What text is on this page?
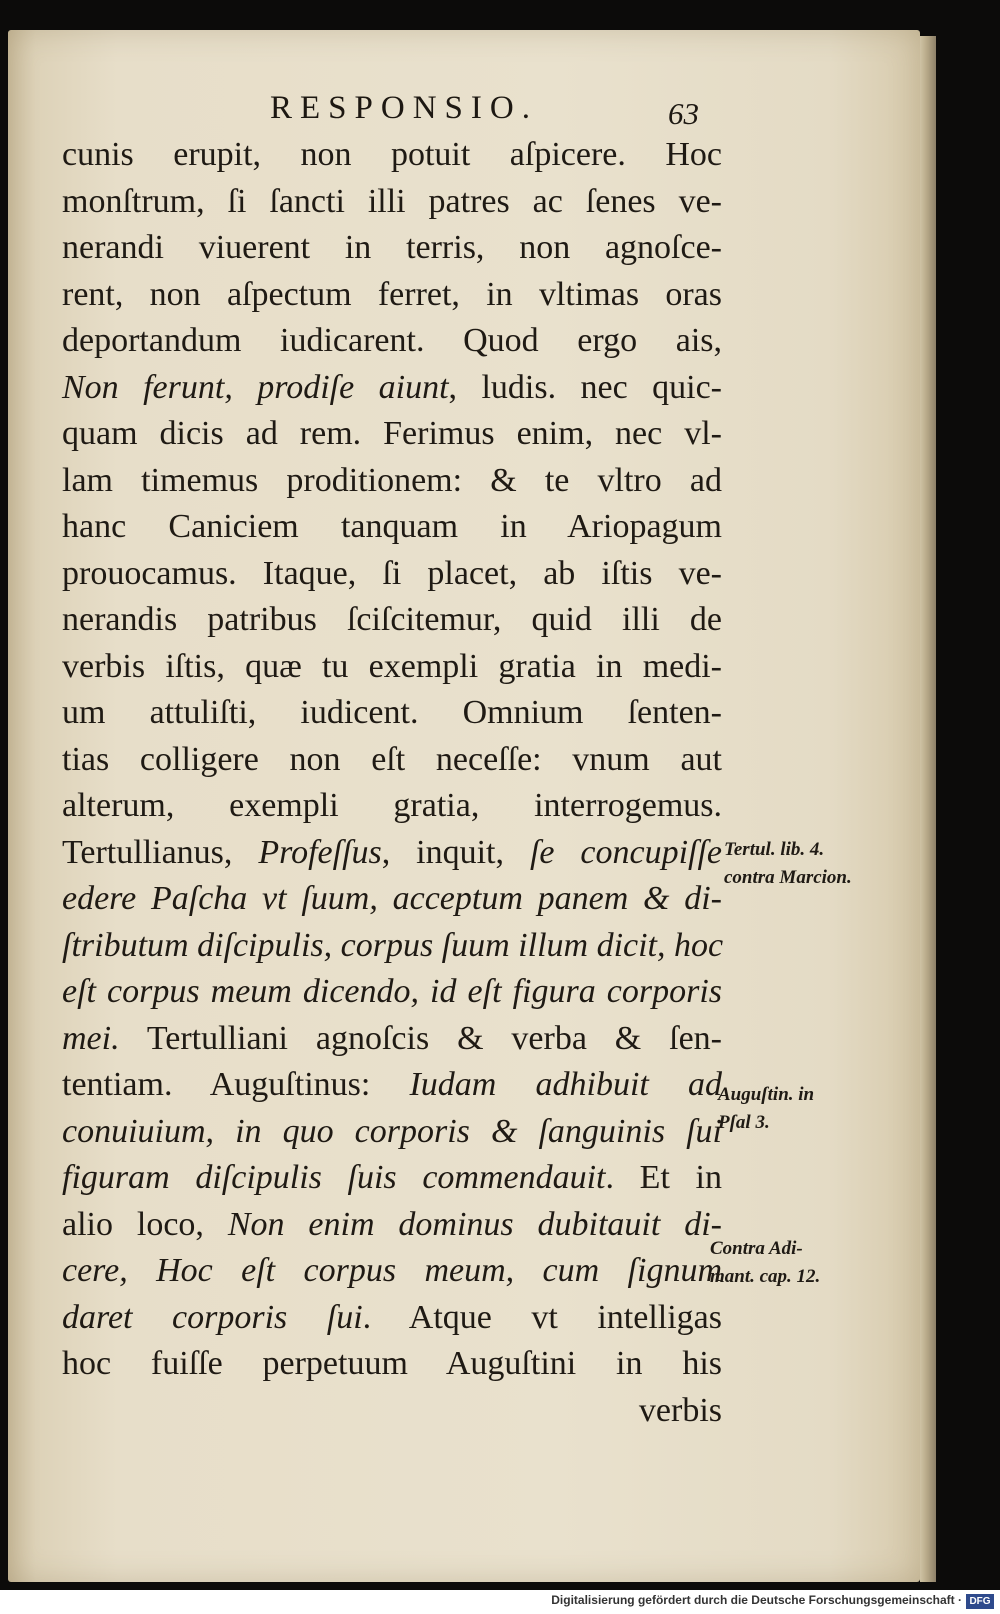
RESPONSIO.	63
cunis erupit, non potuit aſpicere. Hoc
monſtrum, ſi ſancti illi patres ac ſenes ve-
nerandi viuerent in terris, non agnoſce-
rent, non aſpectum ferret, in vltimas oras
deportandum iudicarent. Quod ergo ais,
Non ferunt, prodiſe aiunt, ludis. nec quic-
quam dicis ad rem. Ferimus enim, nec vl-
lam timemus proditionem: & te vltro ad
hanc Caniciem tanquam in Ariopagum
prouocamus. Itaque, ſi placet, ab iſtis ve-
nerandis patribus ſciſcitemur, quid illi de
verbis iſtis, quæ tu exempli gratia in medi-
um attuliſti, iudicent. Omnium ſenten-
tias colligere non eſt neceſſe: vnum aut
alterum, exempli gratia, interrogemus.
Tertullianus, Profeſſus, inquit, ſe concupiſſe
edere Paſcha vt ſuum, acceptum panem & di-
ſtributum diſcipulis, corpus ſuum illum dicit, hoc
eſt corpus meum dicendo, id eſt figura corporis
mei. Tertulliani agnoſcis & verba & ſen-
tentiam. Auguſtinus: Iudam adhibuit ad
conuiuium, in quo corporis & ſanguinis ſui
figuram diſcipulis ſuis commendauit. Et in
alio loco, Non enim dominus dubitauit di-
cere, Hoc eſt corpus meum, cum ſignum
daret corporis ſui. Atque vt intelligas
hoc fuiſſe perpetuum Auguſtini in his
verbis
Tertul. lib. 4.
contra Marcion.
Auguſtin. in
Pſal 3.
Contra Adi-
mant. cap. 12.
Digitalisierung gefördert durch die Deutsche Forschungsgemeinschaft · DFG
